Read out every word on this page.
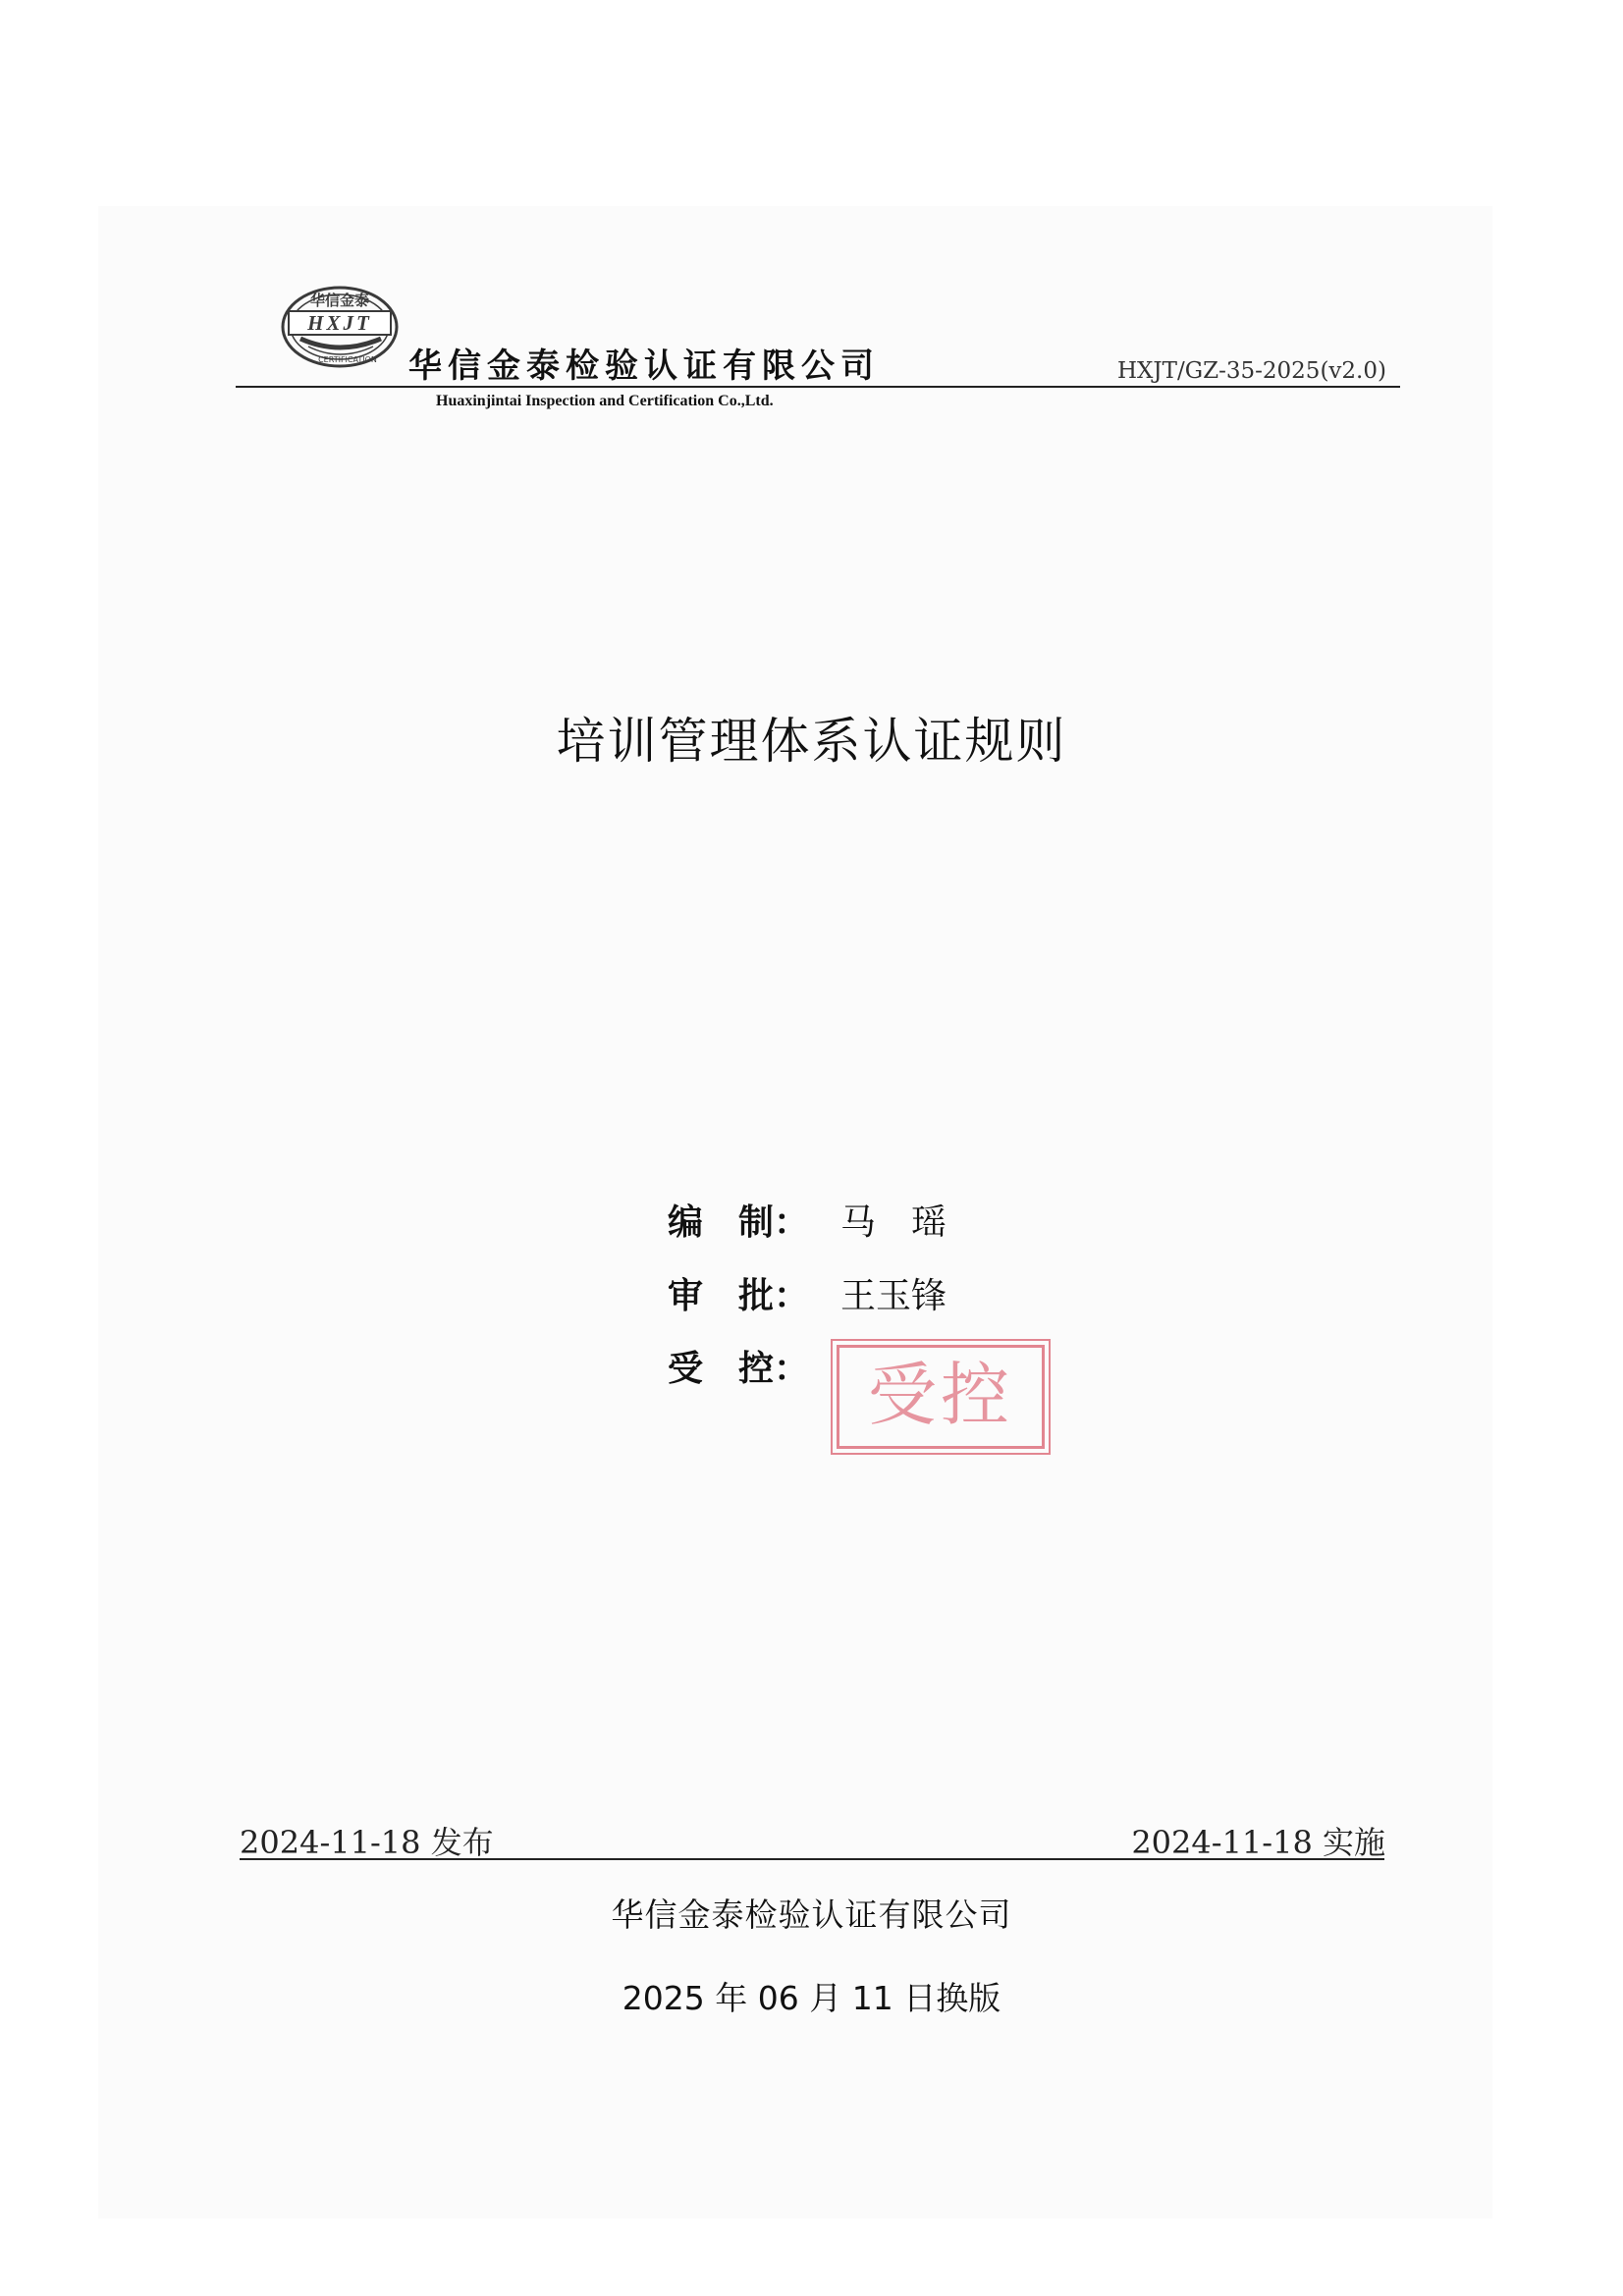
华信金泰
HXJT
CERTIFICATION 华信金泰检验认证有限公司	HXJT/GZ-35-2025(v2.0)
Huaxinjintai Inspection and Certification Co.,Ltd.
培训管理体系认证规则
编　制： 马　瑶
审　批： 王玉锋
受　控： 受控
2024-11-18 发布	2024-11-18 实施
华信金泰检验认证有限公司
2025 年 06 月 11 日换版
